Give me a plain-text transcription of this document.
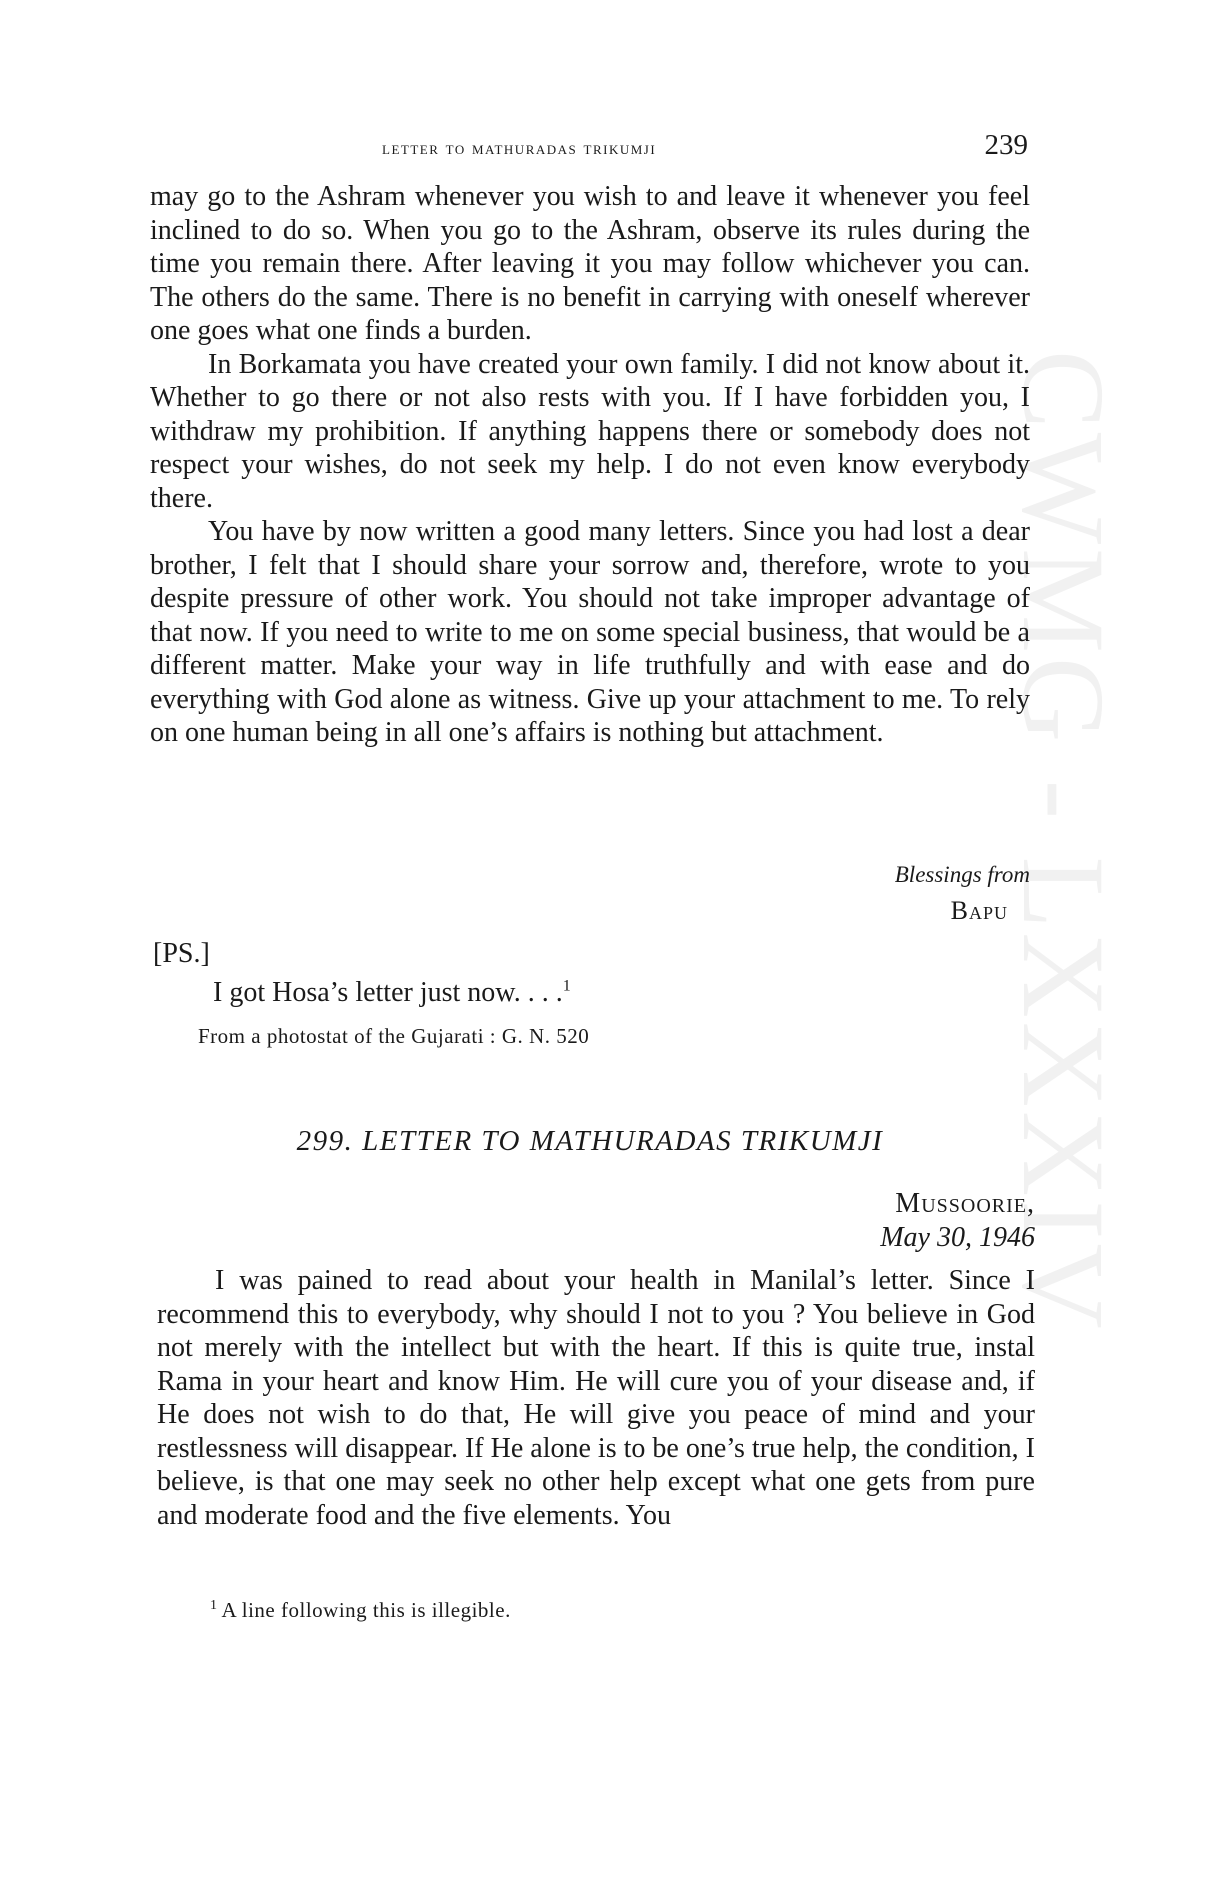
CWMG - LXXXIV
letter to mathuradas trikumji	239

may go to the Ashram whenever you wish to and leave it whenever you feel inclined to do so. When you go to the Ashram, observe its rules during the time you remain there. After leaving it you may follow whichever you can. The others do the same. There is no benefit in carrying with oneself wherever one goes what one finds a burden.

In Borkamata you have created your own family. I did not know about it. Whether to go there or not also rests with you. If I have forbidden you, I withdraw my prohibition. If anything happens there or somebody does not respect your wishes, do not seek my help. I do not even know everybody there.

You have by now written a good many letters. Since you had lost a dear brother, I felt that I should share your sorrow and, therefore, wrote to you despite pressure of other work. You should not take improper advantage of that now. If you need to write to me on some special business, that would be a different matter. Make your way in life truthfully and with ease and do everything with God alone as witness. Give up your attachment to me. To rely on one human being in all one’s affairs is nothing but attachment.

Blessings from
Bapu
[PS.]
I got Hosa’s letter just now. . . .$^1$
From a photostat of the Gujarati : G. N. 520
299. LETTER TO MATHURADAS TRIKUMJI
Mussoorie,
May 30, 1946

I was pained to read about your health in Manilal’s letter. Since I recommend this to everybody, why should I not to you ? You believe in God not merely with the intellect but with the heart. If this is quite true, instal Rama in your heart and know Him. He will cure you of your disease and, if He does not wish to do that, He will give you peace of mind and your restlessness will disappear. If He alone is to be one’s true help, the condition, I believe, is that one may seek no other help except what one gets from pure and moderate food and the five elements. You

$^1$ A line following this is illegible.
